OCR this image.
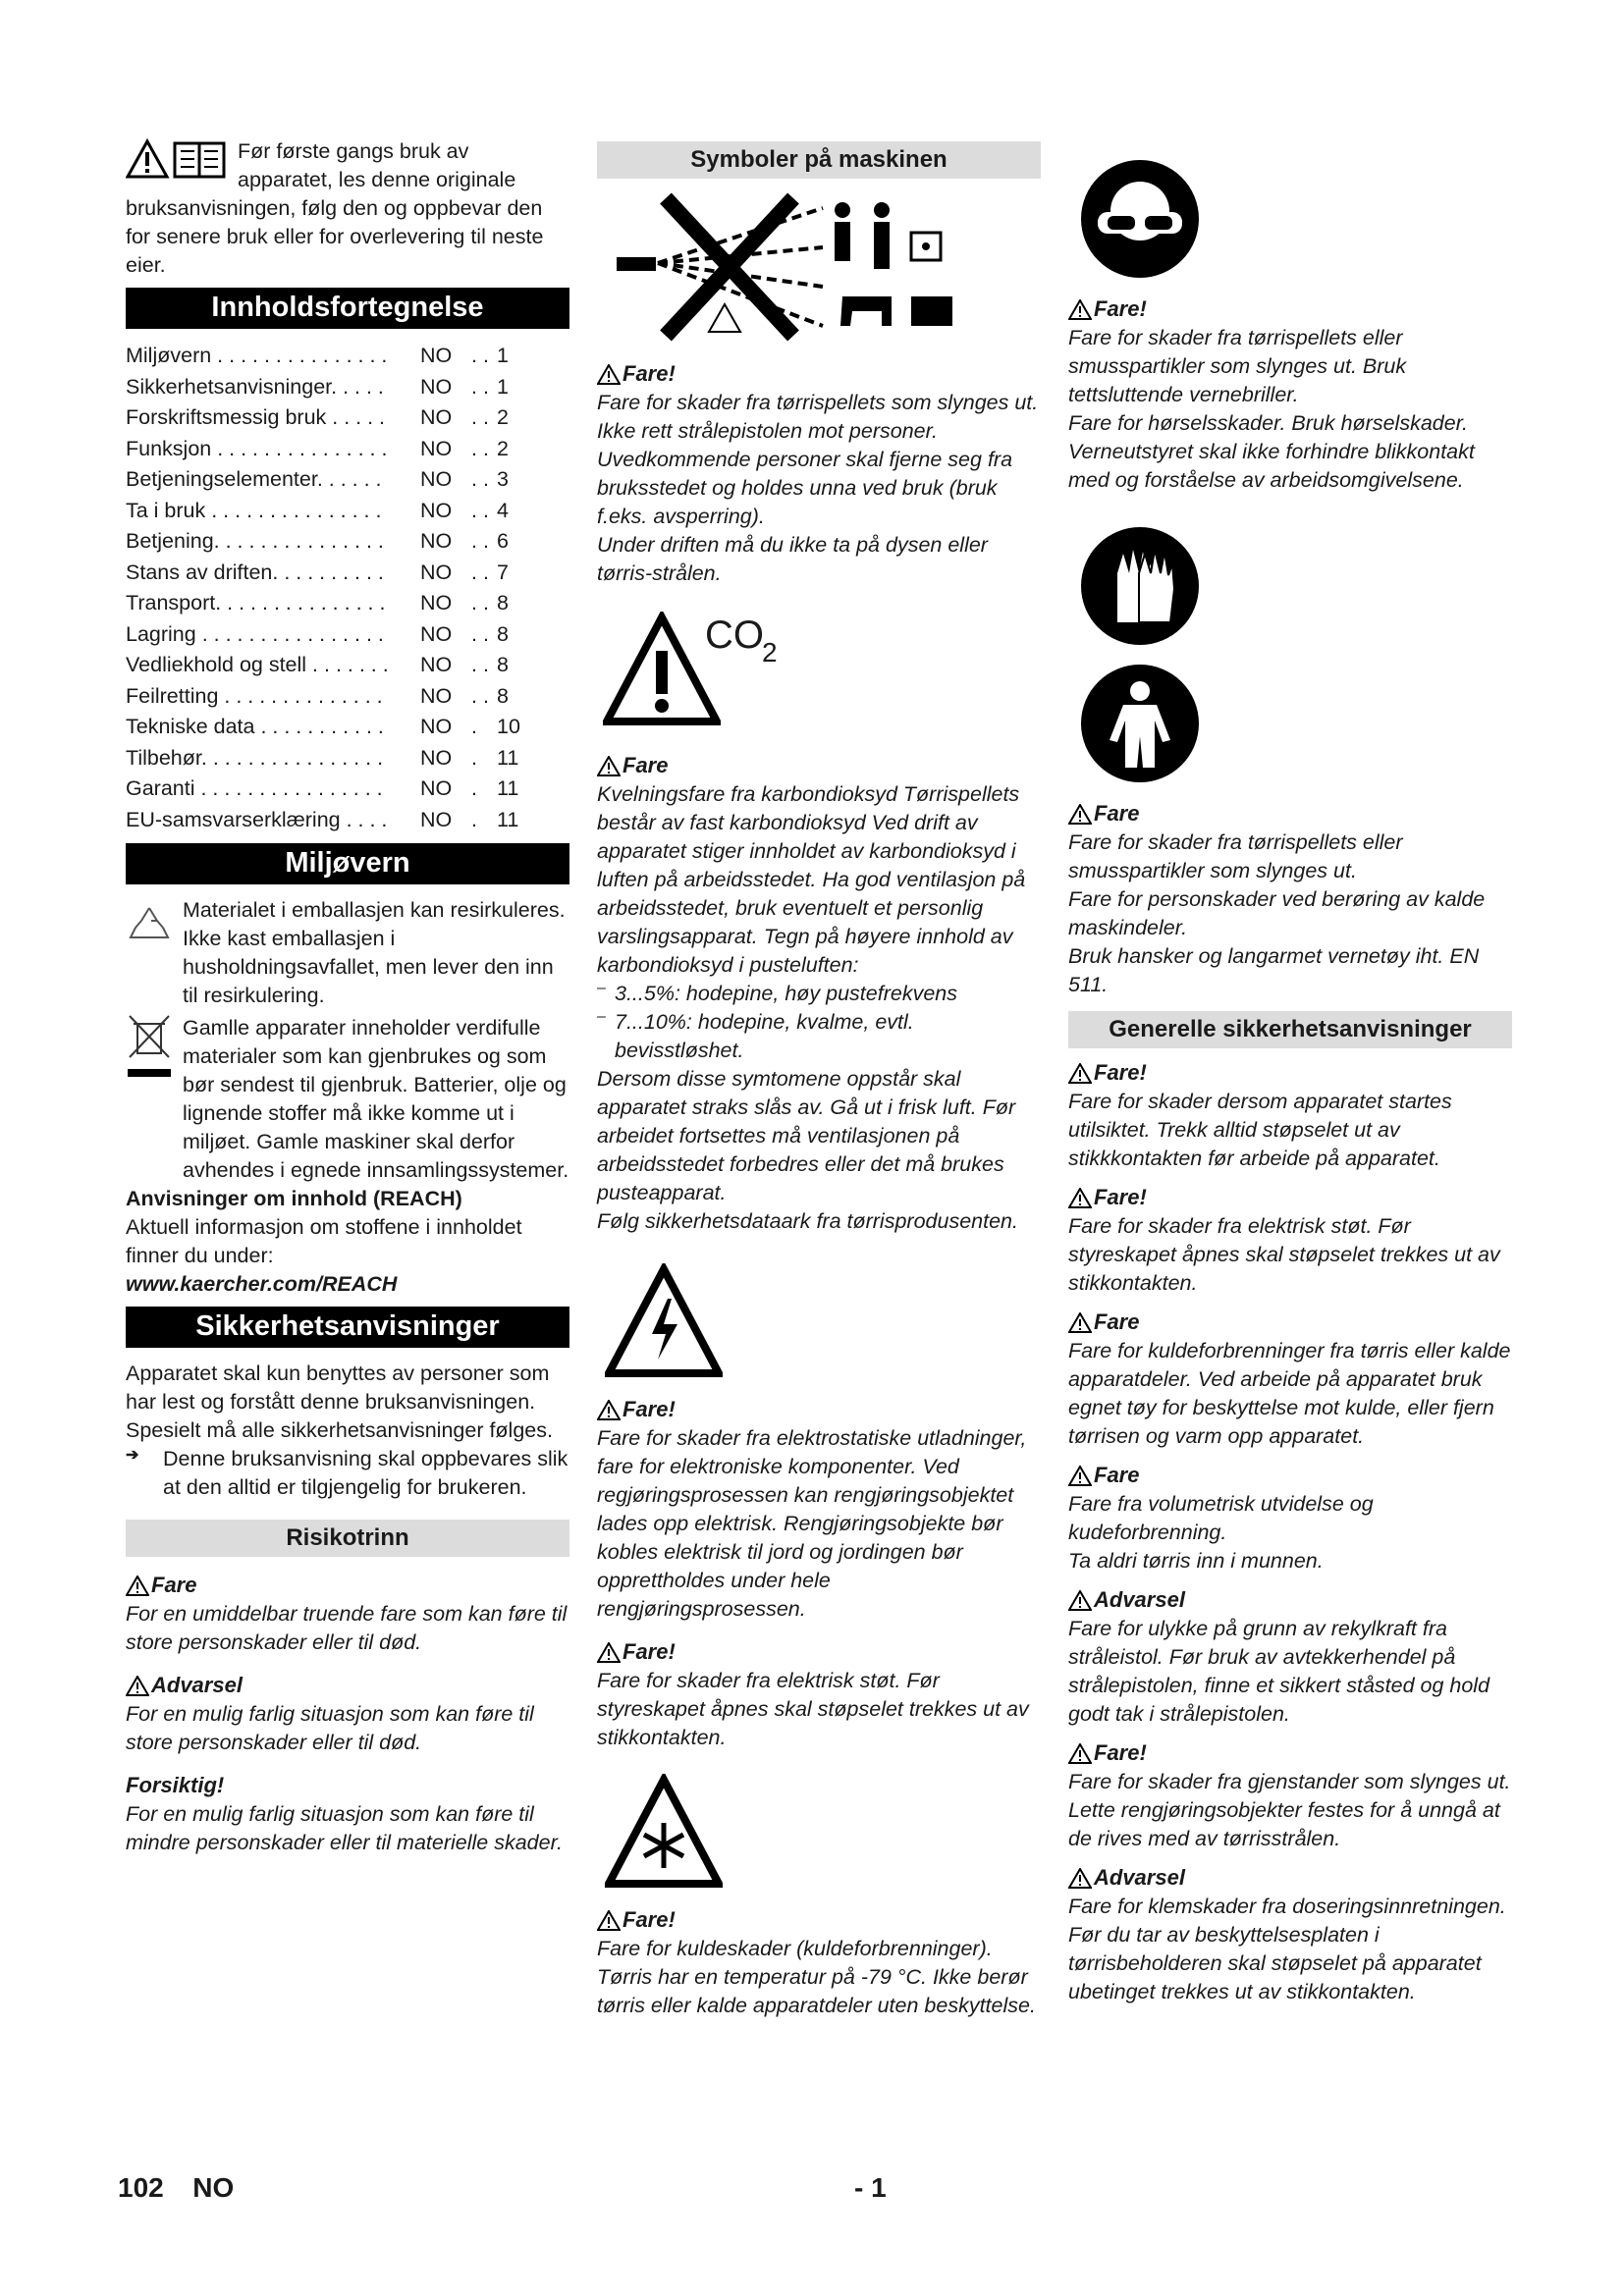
Før første gangs bruk av apparatet, les denne originale bruksanvisningen, følg den og oppbevar den for senere bruk eller for overlevering til neste eier.

Innholdsfortegnelse
Miljøvern . . . . . . . . . . . . . . .	NO . . 1
Sikkerhetsanvisninger. . . . .	NO . . 1
Forskriftsmessig bruk . . . . .	NO . . 2
Funksjon . . . . . . . . . . . . . . .	NO . . 2
Betjeningselementer. . . . . .	NO . . 3
Ta i bruk . . . . . . . . . . . . . . .	NO . . 4
Betjening. . . . . . . . . . . . . . .	NO . . 6
Stans av driften. . . . . . . . . .	NO . . 7
Transport. . . . . . . . . . . . . . .	NO . . 8
Lagring . . . . . . . . . . . . . . . .	NO . . 8
Vedliekhold og stell . . . . . . .	NO . . 8
Feilretting . . . . . . . . . . . . . .	NO . . 8
Tekniske data . . . . . . . . . . .	NO . 10
Tilbehør. . . . . . . . . . . . . . . .	NO . 11
Garanti . . . . . . . . . . . . . . . .	NO . 11
EU-samsvarserklæring . . . .	NO . 11
Miljøvern

Materialet i emballasjen kan resirkuleres. Ikke kast emballasjen i husholdningsavfallet, men lever den inn til resirkulering.

Gamlle apparater inneholder verdifulle materialer som kan gjenbrukes og som bør sendest til gjenbruk. Batterier, olje og lignende stoffer må ikke komme ut i miljøet. Gamle maskiner skal derfor avhendes i egnede innsamlingssystemer.

Anvisninger om innhold (REACH)

Aktuell informasjon om stoffene i innholdet finner du under:

www.kaercher.com/REACH

Sikkerhetsanvisninger

Apparatet skal kun benyttes av personer som har lest og forstått denne bruksanvisningen. Spesielt må alle sikkerhetsanvisninger følges.

➔	Denne bruksanvisning skal oppbevares slik at den alltid er tilgjengelig for brukeren.

Risikotrinn
Fare

For en umiddelbar truende fare som kan føre til store personskader eller til død.

Advarsel

For en mulig farlig situasjon som kan føre til store personskader eller til død.

Forsiktig!

For en mulig farlig situasjon som kan føre til mindre personskader eller til materielle skader.

Symboler på maskinen
Fare!

Fare for skader fra tørrispellets som slynges ut. Ikke rett strålepistolen mot personer. Uvedkommende personer skal fjerne seg fra bruksstedet og holdes unna ved bruk (bruk f.eks. avsperring).

Under driften må du ikke ta på dysen eller tørris-strålen.

CO
2
Fare

Kvelningsfare fra karbondioksyd Tørrispellets består av fast karbondioksyd Ved drift av apparatet stiger innholdet av karbondioksyd i luften på arbeidsstedet. Ha god ventilasjon på arbeidsstedet, bruk eventuelt et personlig varslingsapparat. Tegn på høyere innhold av karbondioksyd i pusteluften:

– 3...5%: hodepine, høy pustefrekvens

– 7...10%: hodepine, kvalme, evtl. bevisstløshet.

Dersom disse symtomene oppstår skal apparatet straks slås av. Gå ut i frisk luft. Før arbeidet fortsettes må ventilasjonen på arbeidsstedet forbedres eller det må brukes pusteapparat.

Følg sikkerhetsdataark fra tørrisprodusenten.

Fare!

Fare for skader fra elektrostatiske utladninger, fare for elektroniske komponenter. Ved regjøringsprosessen kan rengjøringsobjektet lades opp elektrisk. Rengjøringsobjekte bør kobles elektrisk til jord og jordingen bør opprettholdes under hele rengjøringsprosessen.

Fare!

Fare for skader fra elektrisk støt. Før styreskapet åpnes skal støpselet trekkes ut av stikkontakten.

Fare!

Fare for kuldeskader (kuldeforbrenninger). Tørris har en temperatur på -79 °C. Ikke berør tørris eller kalde apparatdeler uten beskyttelse.

Fare!

Fare for skader fra tørrispellets eller smusspartikler som slynges ut. Bruk tettsluttende vernebriller.

Fare for hørselsskader. Bruk hørselskader. Verneutstyret skal ikke forhindre blikkontakt med og forståelse av arbeidsomgivelsene.

Fare

Fare for skader fra tørrispellets eller smusspartikler som slynges ut.

Fare for personskader ved berøring av kalde maskindeler.

Bruk hansker og langarmet vernetøy iht. EN 511.

Generelle sikkerhetsanvisninger
Fare!

Fare for skader dersom apparatet startes utilsiktet. Trekk alltid støpselet ut av stikkkontakten før arbeide på apparatet.

Fare!

Fare for skader fra elektrisk støt. Før styreskapet åpnes skal støpselet trekkes ut av stikkontakten.

Fare

Fare for kuldeforbrenninger fra tørris eller kalde apparatdeler. Ved arbeide på apparatet bruk egnet tøy for beskyttelse mot kulde, eller fjern tørrisen og varm opp apparatet.

Fare

Fare fra volumetrisk utvidelse og kudeforbrenning.

Ta aldri tørris inn i munnen.

Advarsel

Fare for ulykke på grunn av rekylkraft fra stråleistol. Før bruk av avtekkerhendel på strålepistolen, finne et sikkert ståsted og hold godt tak i strålepistolen.

Fare!

Fare for skader fra gjenstander som slynges ut. Lette rengjøringsobjekter festes for å unngå at de rives med av tørrisstrålen.

Advarsel

Fare for klemskader fra doseringsinnretningen. Før du tar av beskyttelsesplaten i tørrisbeholderen skal støpselet på apparatet ubetinget trekkes ut av stikkontakten.

102 NO	- 1
